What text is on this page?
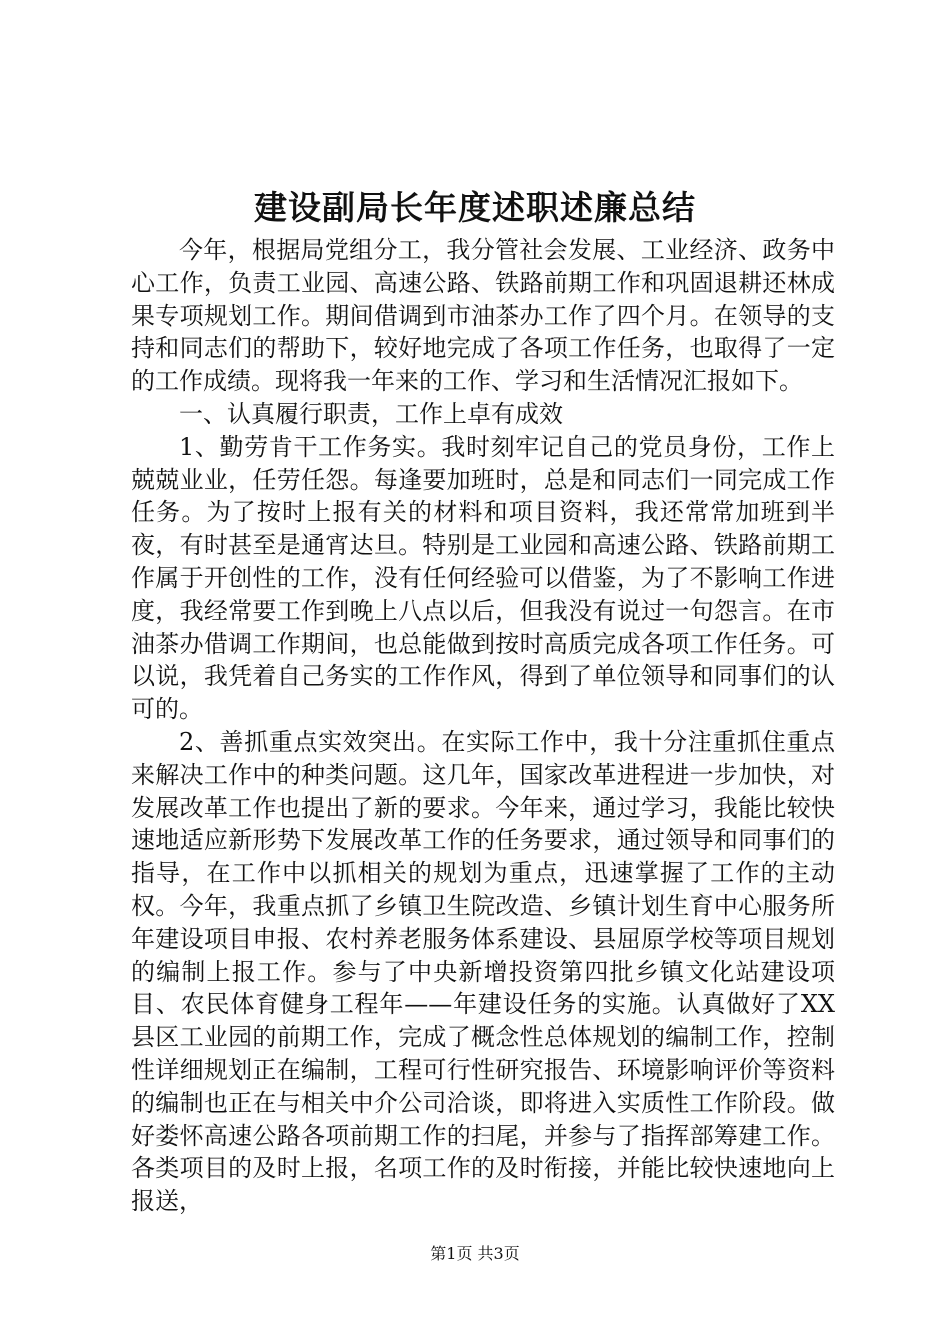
建设副局长年度述职述廉总结

今年，根据局党组分工，我分管社会发展、工业经济、政务中心工作，负责工业园、高速公路、铁路前期工作和巩固退耕还林成果专项规划工作。期间借调到市油茶办工作了四个月。在领导的支持和同志们的帮助下，较好地完成了各项工作任务，也取得了一定的工作成绩。现将我一年来的工作、学习和生活情况汇报如下。

一、认真履行职责，工作上卓有成效

1、勤劳肯干工作务实。我时刻牢记自己的党员身份，工作上兢兢业业，任劳任怨。每逢要加班时，总是和同志们一同完成工作任务。为了按时上报有关的材料和项目资料，我还常常加班到半夜，有时甚至是通宵达旦。特别是工业园和高速公路、铁路前期工作属于开创性的工作，没有任何经验可以借鉴，为了不影响工作进度，我经常要工作到晚上八点以后，但我没有说过一句怨言。在市油茶办借调工作期间，也总能做到按时高质完成各项工作任务。可以说，我凭着自己务实的工作作风，得到了单位领导和同事们的认可的。

2、善抓重点实效突出。在实际工作中，我十分注重抓住重点来解决工作中的种类问题。这几年，国家改革进程进一步加快，对发展改革工作也提出了新的要求。今年来，通过学习，我能比较快速地适应新形势下发展改革工作的任务要求，通过领导和同事们的指导，在工作中以抓相关的规划为重点，迅速掌握了工作的主动权。今年，我重点抓了乡镇卫生院改造、乡镇计划生育中心服务所年建设项目申报、农村养老服务体系建设、县屈原学校等项目规划的编制上报工作。参与了中央新增投资第四批乡镇文化站建设项目、农民体育健身工程年——年建设任务的实施。认真做好了XX县区工业园的前期工作，完成了概念性总体规划的编制工作，控制性详细规划正在编制，工程可行性研究报告、环境影响评价等资料的编制也正在与相关中介公司洽谈，即将进入实质性工作阶段。做好娄怀高速公路各项前期工作的扫尾，并参与了指挥部筹建工作。各类项目的及时上报，名项工作的及时衔接，并能比较快速地向上报送，

第1页 共3页
